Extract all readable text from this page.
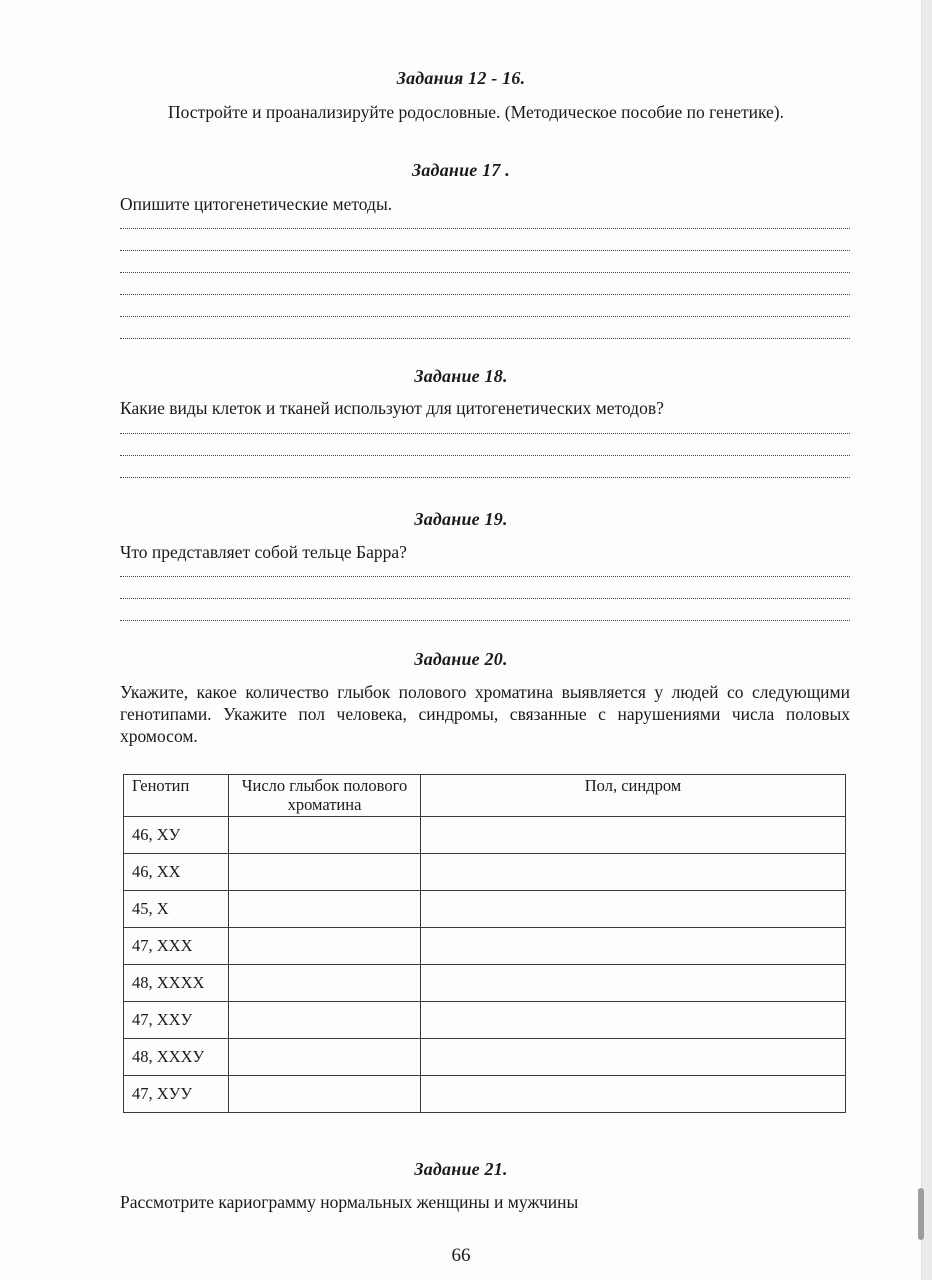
Задания 12 - 16.
Постройте и проанализируйте родословные. (Методическое пособие по генетике).
Задание 17 .
Опишите цитогенетические методы.
Задание 18.
Какие виды клеток и тканей используют для цитогенетических методов?
Задание 19.
Что представляет собой тельце Барра?
Задание 20.
Укажите, какое количество глыбок полового хроматина выявляется у людей со следующими генотипами. Укажите пол человека, синдромы, связанные с нарушениями числа половых хромосом.
Генотип	Число глыбок полового хроматина	Пол, синдром
46, ХУ		
46, ХХ		
45, Х		
47, ХХХ		
48, ХХХХ		
47, ХХУ		
48, ХХХУ		
47, ХУУ		
Задание 21.
Рассмотрите кариограмму нормальных женщины и мужчины
66
